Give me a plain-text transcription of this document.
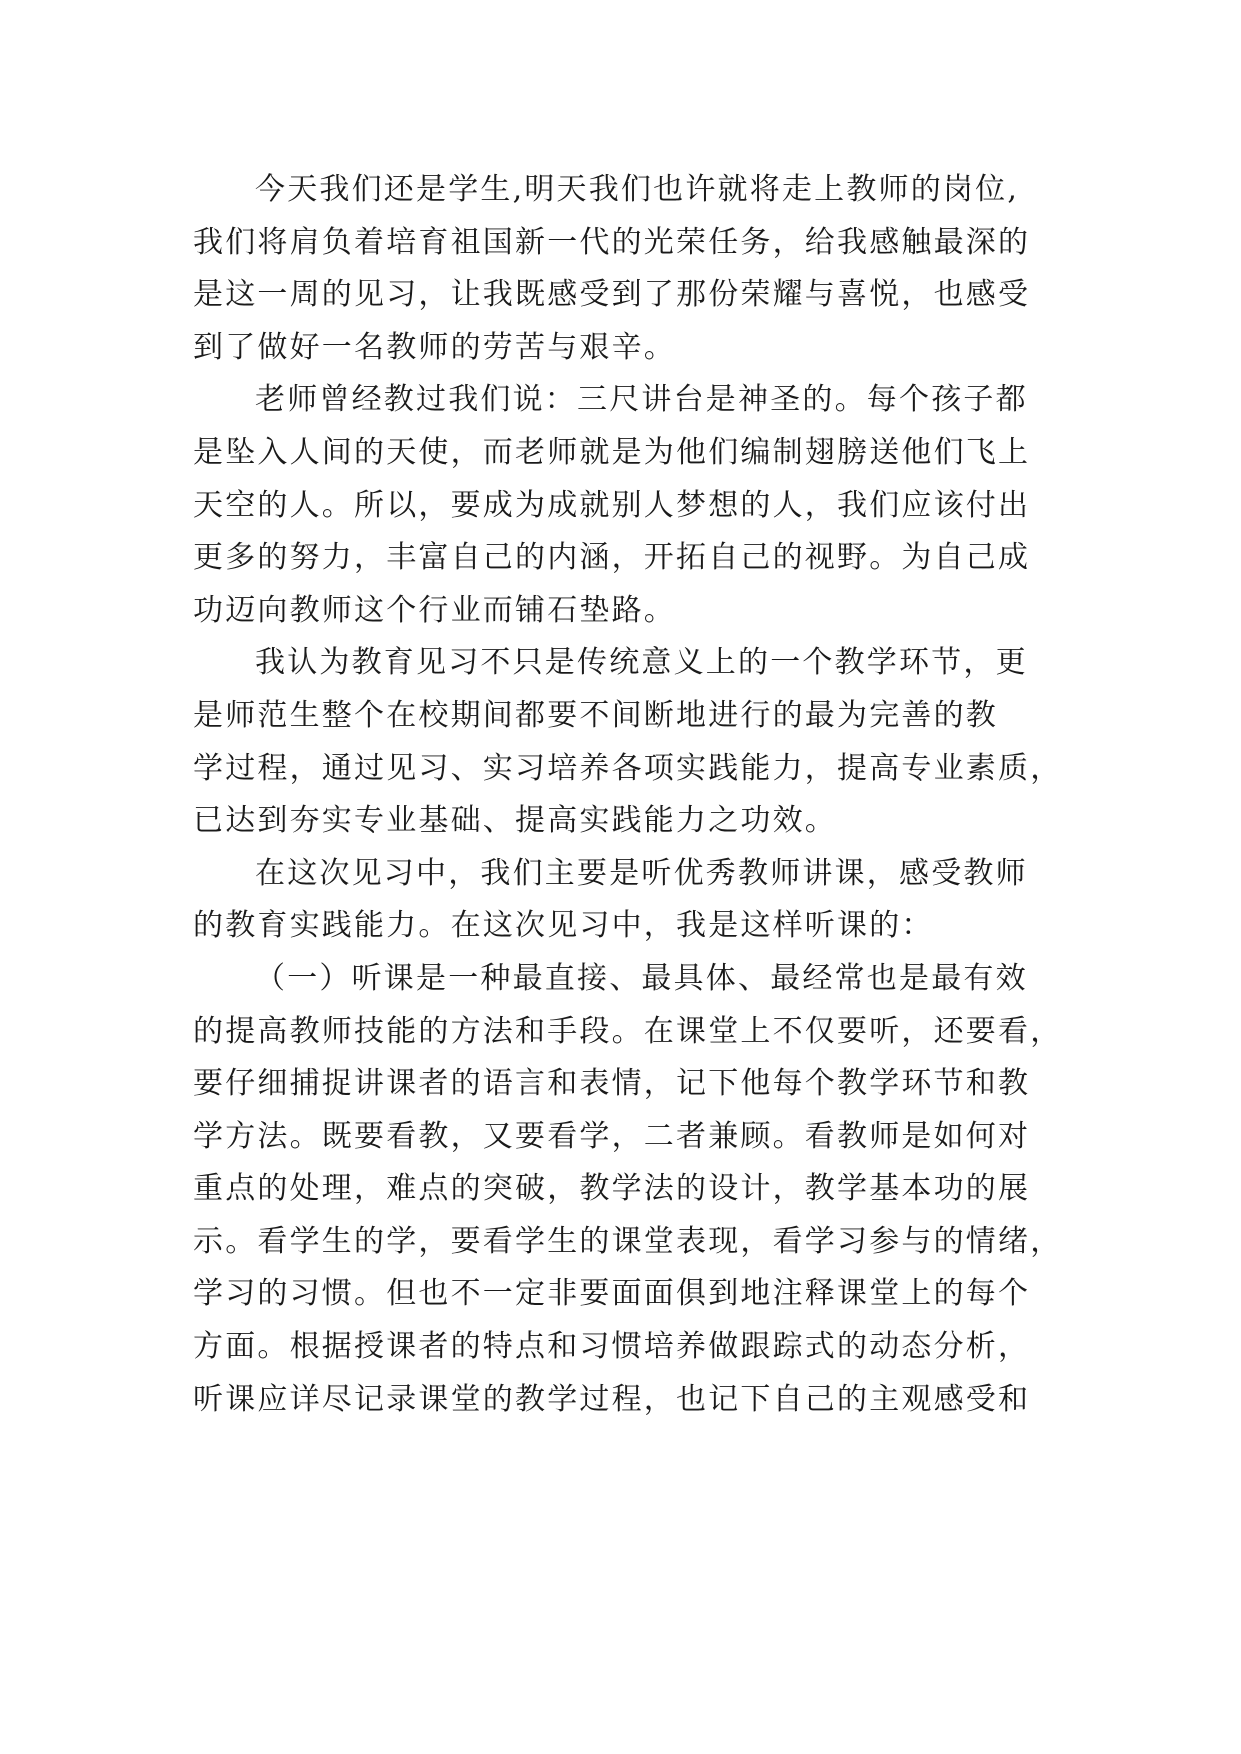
今天我们还是学生,明天我们也许就将走上教师的岗位,
我们将肩负着培育祖国新一代的光荣任务，给我感触最深的
是这一周的见习，让我既感受到了那份荣耀与喜悦，也感受
到了做好一名教师的劳苦与艰辛。
老师曾经教过我们说：三尺讲台是神圣的。每个孩子都
是坠入人间的天使，而老师就是为他们编制翅膀送他们飞上
天空的人。所以，要成为成就别人梦想的人，我们应该付出
更多的努力，丰富自己的内涵，开拓自己的视野。为自己成
功迈向教师这个行业而铺石垫路。
我认为教育见习不只是传统意义上的一个教学环节，更
是师范生整个在校期间都要不间断地进行的最为完善的教
学过程，通过见习、实习培养各项实践能力，提高专业素质，
已达到夯实专业基础、提高实践能力之功效。
在这次见习中，我们主要是听优秀教师讲课，感受教师
的教育实践能力。在这次见习中，我是这样听课的：
（一）听课是一种最直接、最具体、最经常也是最有效
的提高教师技能的方法和手段。在课堂上不仅要听，还要看，
要仔细捕捉讲课者的语言和表情，记下他每个教学环节和教
学方法。既要看教，又要看学，二者兼顾。看教师是如何对
重点的处理，难点的突破，教学法的设计，教学基本功的展
示。看学生的学，要看学生的课堂表现，看学习参与的情绪，
学习的习惯。但也不一定非要面面俱到地注释课堂上的每个
方面。根据授课者的特点和习惯培养做跟踪式的动态分析，
听课应详尽记录课堂的教学过程，也记下自己的主观感受和
